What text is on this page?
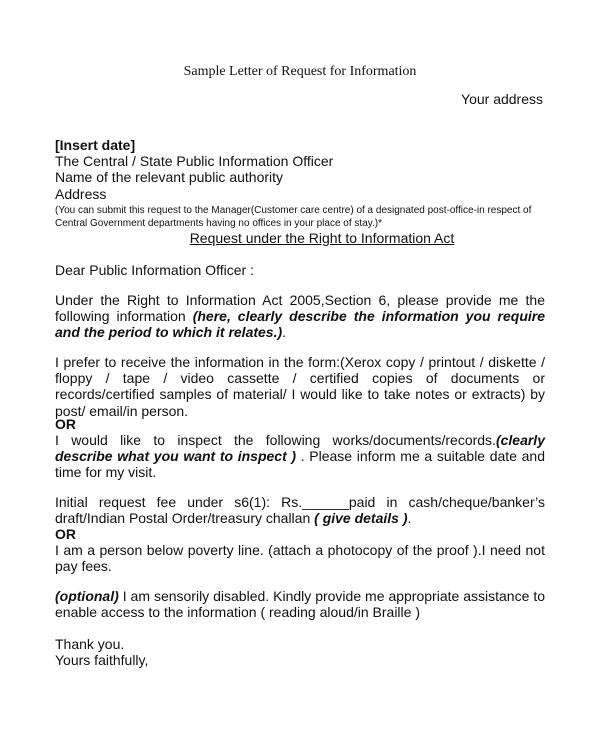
Sample Letter of Request for Information
Your address
[Insert date]
The Central / State Public Information Officer
Name of the relevant public authority
Address
(You can submit this request to the Manager(Customer care centre) of a designated post-office-in respect of Central Government departments having no offices in your place of stay.)*
Request under the Right to Information Act
Dear Public Information Officer :
Under the Right to Information Act 2005,Section 6, please provide me the following information (here, clearly describe the information you require and the period to which it relates.).
I prefer to receive the information in the form:(Xerox copy / printout / diskette / floppy / tape / video cassette / certified copies of documents or records/certified samples of material/ I would like to take notes or extracts) by post/ email/in person.
OR
I would like to inspect the following works/documents/records.(clearly describe what you want to inspect ) . Please inform me a suitable date and time for my visit.
Initial request fee under s6(1): Rs.______paid in cash/cheque/banker’s draft/Indian Postal Order/treasury challan ( give details ).
OR
I am a person below poverty line. (attach a photocopy of the proof ).I need not pay fees.
(optional) I am sensorily disabled. Kindly provide me appropriate assistance to enable access to the information ( reading aloud/in Braille )
Thank you.
Yours faithfully,
